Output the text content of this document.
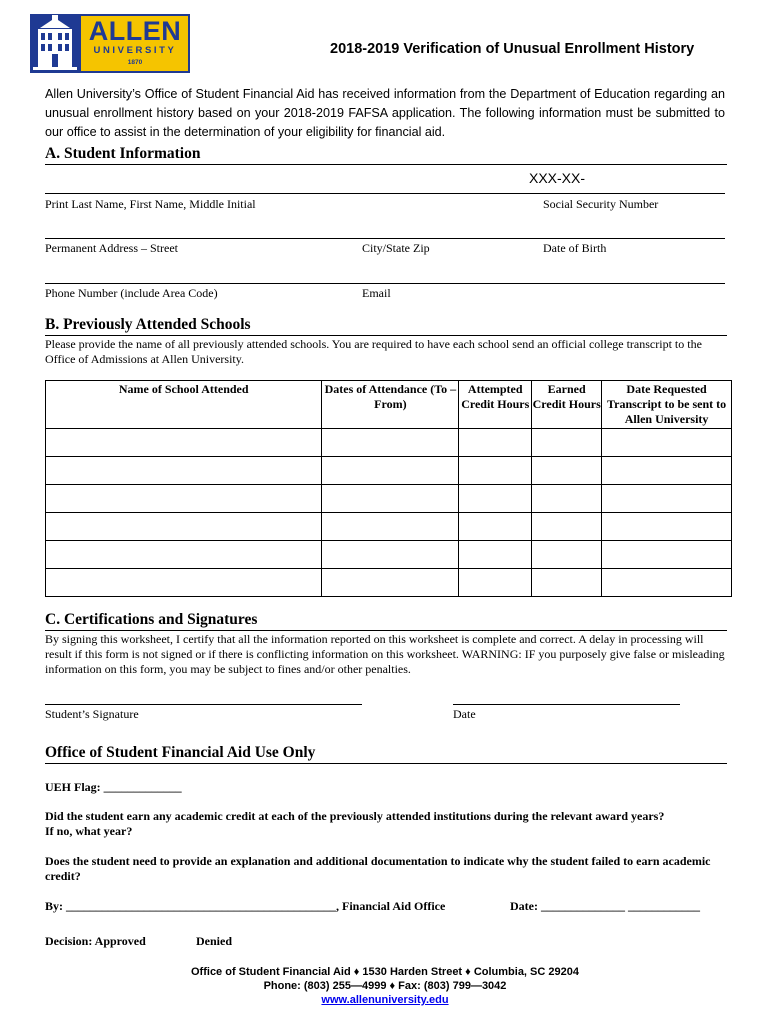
ALLEN
UNIVERSITY
1870
2018-2019 Verification of Unusual Enrollment History
Allen University’s Office of Student Financial Aid has received information from the Department of Education regarding an unusual enrollment history based on your 2018-2019 FAFSA application. The following information must be submitted to our office to assist in the determination of your eligibility for financial aid.
A. Student Information
XXX-XX-
Print Last Name, First Name, Middle Initial	Social Security Number
Permanent Address – Street	City/State Zip	Date of Birth
Phone Number (include Area Code)	Email
B. Previously Attended Schools
Please provide the name of all previously attended schools. You are required to have each school send an official college transcript to the Office of Admissions at Allen University.
Name of School Attended	Dates of Attendance (To – From)	Attempted Credit Hours	Earned Credit Hours	Date Requested Transcript to be sent to Allen University

C. Certifications and Signatures
By signing this worksheet, I certify that all the information reported on this worksheet is complete and correct. A delay in processing will result if this form is not signed or if there is conflicting information on this worksheet. WARNING: IF you purposely give false or misleading information on this form, you may be subject to fines and/or other penalties.
Student’s Signature	Date
Office of Student Financial Aid Use Only
UEH Flag: _____________
Did the student earn any academic credit at each of the previously attended institutions during the relevant award years?
If no, what year?
Does the student need to provide an explanation and additional documentation to indicate why the student failed to earn academic credit?
By: _____________________________________________, Financial Aid Office	Date: ______________ ____________
Decision: Approved	Denied
Office of Student Financial Aid ♦ 1530 Harden Street ♦ Columbia, SC 29204
Phone: (803) 255—4999 ♦ Fax: (803) 799—3042
www.allenuniversity.edu
